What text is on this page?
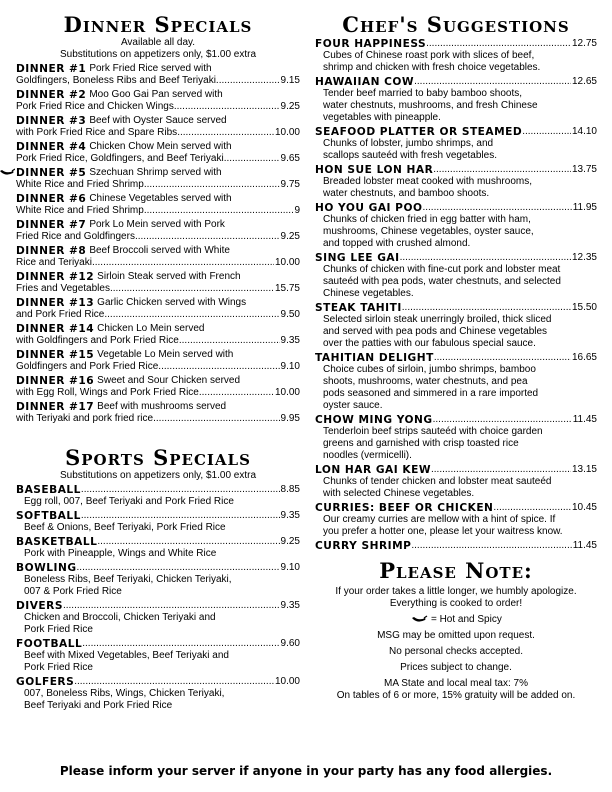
Dinner Specials

Available all day.

Substitutions on appetizers only, $1.00 extra

DINNER #1 Pork Fried Rice served with
Goldfingers, Boneless Ribs and Beef Teriyaki .....	9.15
DINNER #2 Moo Goo Gai Pan served with
Pork Fried Rice and Chicken Wings .....	9.25
DINNER #3 Beef with Oyster Sauce served
with Pork Fried Rice and Spare Ribs .....	10.00
DINNER #4 Chicken Chow Mein served with
Pork Fried Rice, Goldfingers, and Beef Teriyaki .....	9.65
DINNER #5 Szechuan Shrimp served with
White Rice and Fried Shrimp .....	9.75
DINNER #6 Chinese Vegetables served with
White Rice and Fried Shrimp .....	9
DINNER #7 Pork Lo Mein served with Pork
Fried Rice and Goldfingers .....	9.25
DINNER #8 Beef Broccoli served with White
Rice and Teriyaki .....	10.00
DINNER #12 Sirloin Steak served with French
Fries and Vegetables .....	15.75
DINNER #13 Garlic Chicken served with Wings
and Pork Fried Rice .....	9.50
DINNER #14 Chicken Lo Mein served
with Goldfingers and Pork Fried Rice .....	9.35
DINNER #15 Vegetable Lo Mein served with
Goldfingers and Pork Fried Rice .....	9.10
DINNER #16 Sweet and Sour Chicken served
with Egg Roll, Wings and Pork Fried Rice .....	10.00
DINNER #17 Beef with mushrooms served
with Teriyaki and pork fried rice .....	9.95
Sports Specials

Substitutions on appetizers only, $1.00 extra

BASEBALL .....	8.85
Egg roll, 007, Beef Teriyaki and Pork Fried Rice
SOFTBALL .....	9.35
Beef & Onions, Beef Teriyaki, Pork Fried Rice
BASKETBALL .....	9.25
Pork with Pineapple, Wings and White Rice
BOWLING .....	9.10
Boneless Ribs, Beef Teriyaki, Chicken Teriyaki,
007 & Pork Fried Rice
DIVERS .....	9.35
Chicken and Broccoli, Chicken Teriyaki and
Pork Fried Rice
FOOTBALL .....	9.60
Beef with Mixed Vegetables, Beef Teriyaki and
Pork Fried Rice
GOLFERS .....	10.00
007, Boneless Ribs, Wings, Chicken Teriyaki,
Beef Teriyaki and Pork Fried Rice
Chef's Suggestions
FOUR HAPPINESS .....	12.75
Cubes of Chinese roast pork with slices of beef,
shrimp and chicken with fresh choice vegetables.
HAWAIIAN COW .....	12.65
Tender beef married to baby bamboo shoots,
water chestnuts, mushrooms, and fresh Chinese
vegetables with pineapple.
SEAFOOD PLATTER OR STEAMED .....	14.10
Chunks of lobster, jumbo shrimps, and
scallops sauteéd with fresh vegetables.
HON SUE LON HAR .....	13.75
Breaded lobster meat cooked with mushrooms,
water chestnuts, and bamboo shoots.
HO YOU GAI POO .....	11.95
Chunks of chicken fried in egg batter with ham,
mushrooms, Chinese vegetables, oyster sauce,
and topped with crushed almond.
SING LEE GAI .....	12.35
Chunks of chicken with fine-cut pork and lobster meat
sauteéd with pea pods, water chestnuts, and selected
Chinese vegetables.
STEAK TAHITI .....	15.50
Selected sirloin steak unerringly broiled, thick sliced
and served with pea pods and Chinese vegetables
over the patties with our fabulous special sauce.
TAHITIAN DELIGHT .....	16.65
Choice cubes of sirloin, jumbo shrimps, bamboo
shoots, mushrooms, water chestnuts, and pea
pods seasoned and simmered in a rare imported
oyster sauce.
CHOW MING YONG .....	11.45
Tenderloin beef strips sauteéd with choice garden
greens and garnished with crisp toasted rice
noodles (vermicelli).
LON HAR GAI KEW .....	13.15
Chunks of tender chicken and lobster meat sauteéd
with selected Chinese vegetables.
CURRIES: BEEF OR CHICKEN .....	10.45
Our creamy curries are mellow with a hint of spice. If
you prefer a hotter one, please let your waitress know.
CURRY SHRIMP .....	11.45
Please Note:

If your order takes a little longer, we humbly apologize.

Everything is cooked to order!

= Hot and Spicy

MSG may be omitted upon request.

No personal checks accepted.

Prices subject to change.

MA State and local meal tax: 7%

On tables of 6 or more, 15% gratuity will be added on.

Please inform your server if anyone in your party has any food allergies.
